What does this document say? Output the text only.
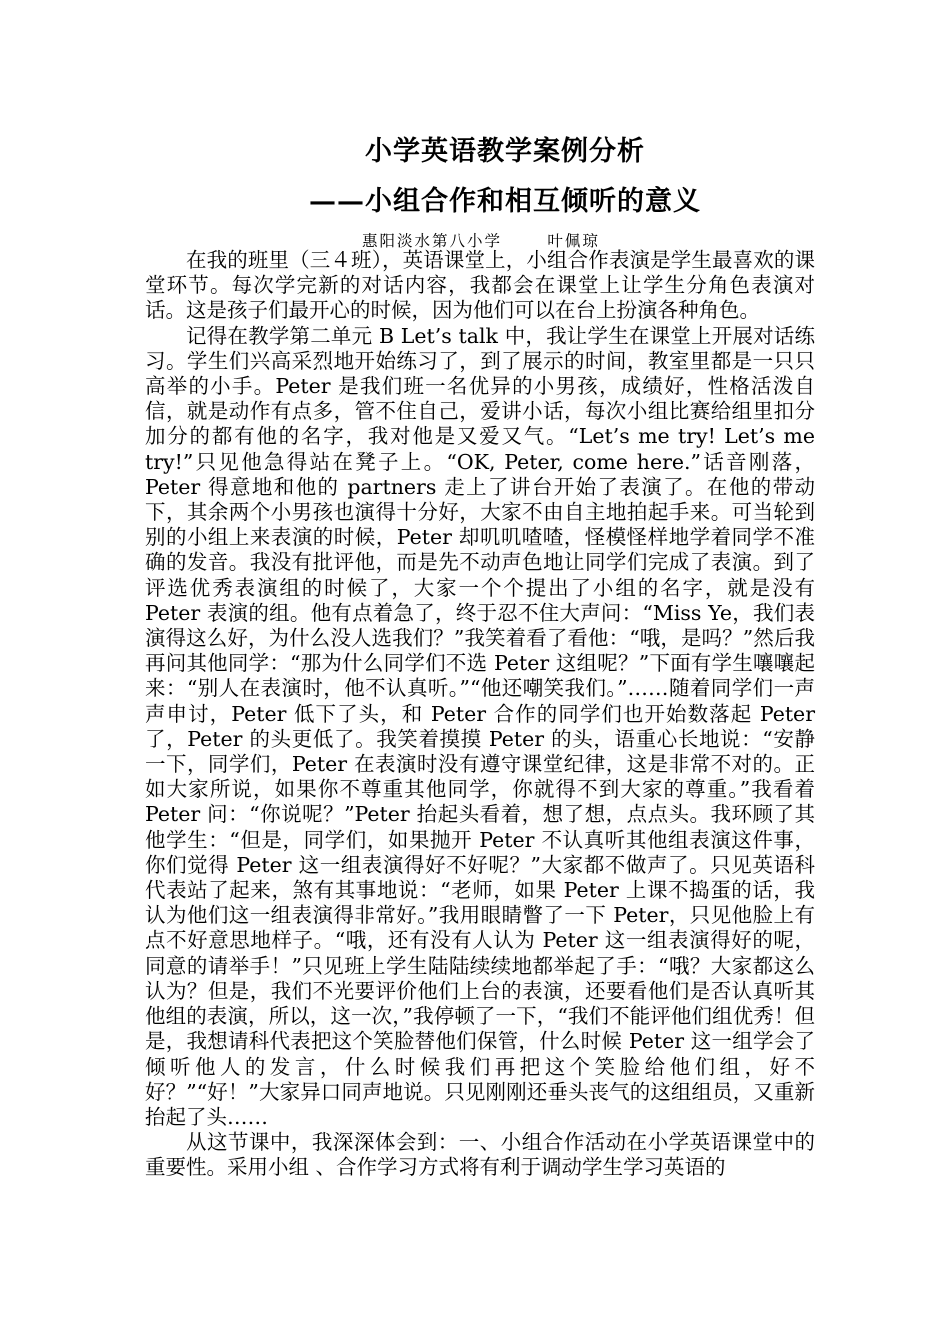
小学英语教学案例分析
——小组合作和相互倾听的意义
惠阳淡水第八小学    叶佩琼

在我的班里（三４班），英语课堂上，小组合作表演是学生最喜欢的课堂环节。每次学完新的对话内容，我都会在课堂上让学生分角色表演对话。这是孩子们最开心的时候，因为他们可以在台上扮演各种角色。

记得在教学第二单元 B Let’s talk 中，我让学生在课堂上开展对话练习。学生们兴高采烈地开始练习了，到了展示的时间，教室里都是一只只高举的小手。Peter 是我们班一名优异的小男孩，成绩好，性格活泼自信，就是动作有点多，管不住自己，爱讲小话，每次小组比赛给组里扣分加分的都有他的名字，我对他是又爱又气。“Let’s me try! Let’s me try!”只见他急得站在凳子上。“OK, Peter, come here.”话音刚落，Peter 得意地和他的 partners 走上了讲台开始了表演了。在他的带动下，其余两个小男孩也演得十分好，大家不由自主地拍起手来。可当轮到别的小组上来表演的时候，Peter 却叽叽喳喳，怪模怪样地学着同学不准确的发音。我没有批评他，而是先不动声色地让同学们完成了表演。到了评选优秀表演组的时候了，大家一个个提出了小组的名字，就是没有 Peter 表演的组。他有点着急了，终于忍不住大声问：“Miss Ye，我们表演得这么好，为什么没人选我们？”我笑着看了看他：“哦，是吗？”然后我再问其他同学：“那为什么同学们不选 Peter 这组呢？”下面有学生嚷嚷起来：“别人在表演时，他不认真听。”“他还嘲笑我们。”……随着同学们一声声申讨，Peter 低下了头，和 Peter 合作的同学们也开始数落起 Peter 了，Peter 的头更低了。我笑着摸摸 Peter 的头，语重心长地说：“安静一下，同学们，Peter 在表演时没有遵守课堂纪律，这是非常不对的。正如大家所说，如果你不尊重其他同学，你就得不到大家的尊重。”我看着 Peter 问：“你说呢？”Peter 抬起头看着，想了想，点点头。我环顾了其他学生：“但是，同学们，如果抛开 Peter 不认真听其他组表演这件事，你们觉得 Peter 这一组表演得好不好呢？”大家都不做声了。只见英语科代表站了起来，煞有其事地说：“老师，如果 Peter 上课不捣蛋的话，我认为他们这一组表演得非常好。”我用眼睛瞥了一下 Peter，只见他脸上有点不好意思地样子。“哦，还有没有人认为 Peter 这一组表演得好的呢，同意的请举手！”只见班上学生陆陆续续地都举起了手：“哦？大家都这么认为？但是，我们不光要评价他们上台的表演，还要看他们是否认真听其他组的表演，所以，这一次，”我停顿了一下，“我们不能评他们组优秀！但是，我想请科代表把这个笑脸替他们保管，什么时候 Peter 这一组学会了倾听他人的发言，什么时候我们再把这个笑脸给他们组，好不好？”“好！”大家异口同声地说。只见刚刚还垂头丧气的这组组员，又重新抬起了头……

从这节课中，我深深体会到：一、小组合作活动在小学英语课堂中的重要性。采用小组 、合作学习方式将有利于调动学生学习英语的
